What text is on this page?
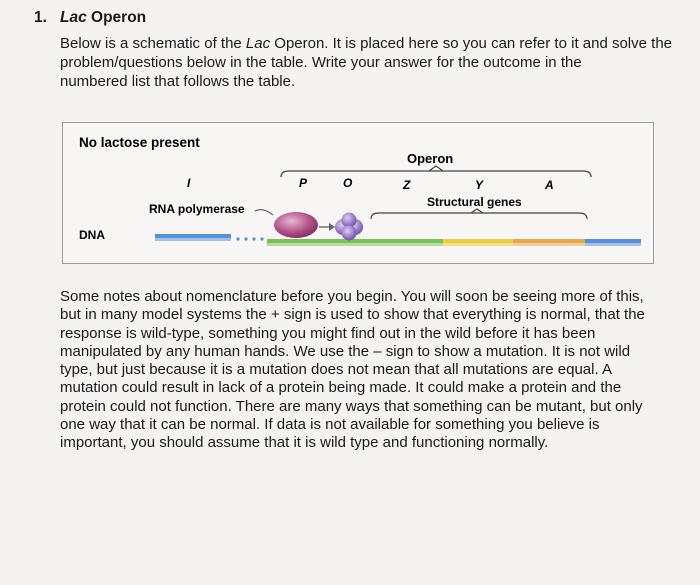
1. Lac Operon
Below is a schematic of the Lac Operon. It is placed here so you can refer to it and solve the
problem/questions below in the table. Write your answer for the outcome in the
numbered list that follows the table.
No lactose present
Operon
I	P	O	Z	Y	A
Structural genes
RNA polymerase
DNA
Some notes about nomenclature before you begin. You will soon be seeing more of this,
but in many model systems the + sign is used to show that everything is normal, that the
response is wild-type, something you might find out in the wild before it has been
manipulated by any human hands. We use the – sign to show a mutation. It is not wild
type, but just because it is a mutation does not mean that all mutations are equal. A
mutation could result in lack of a protein being made. It could make a protein and the
protein could not function. There are many ways that something can be mutant, but only
one way that it can be normal. If data is not available for something you believe is
important, you should assume that it is wild type and functioning normally.
